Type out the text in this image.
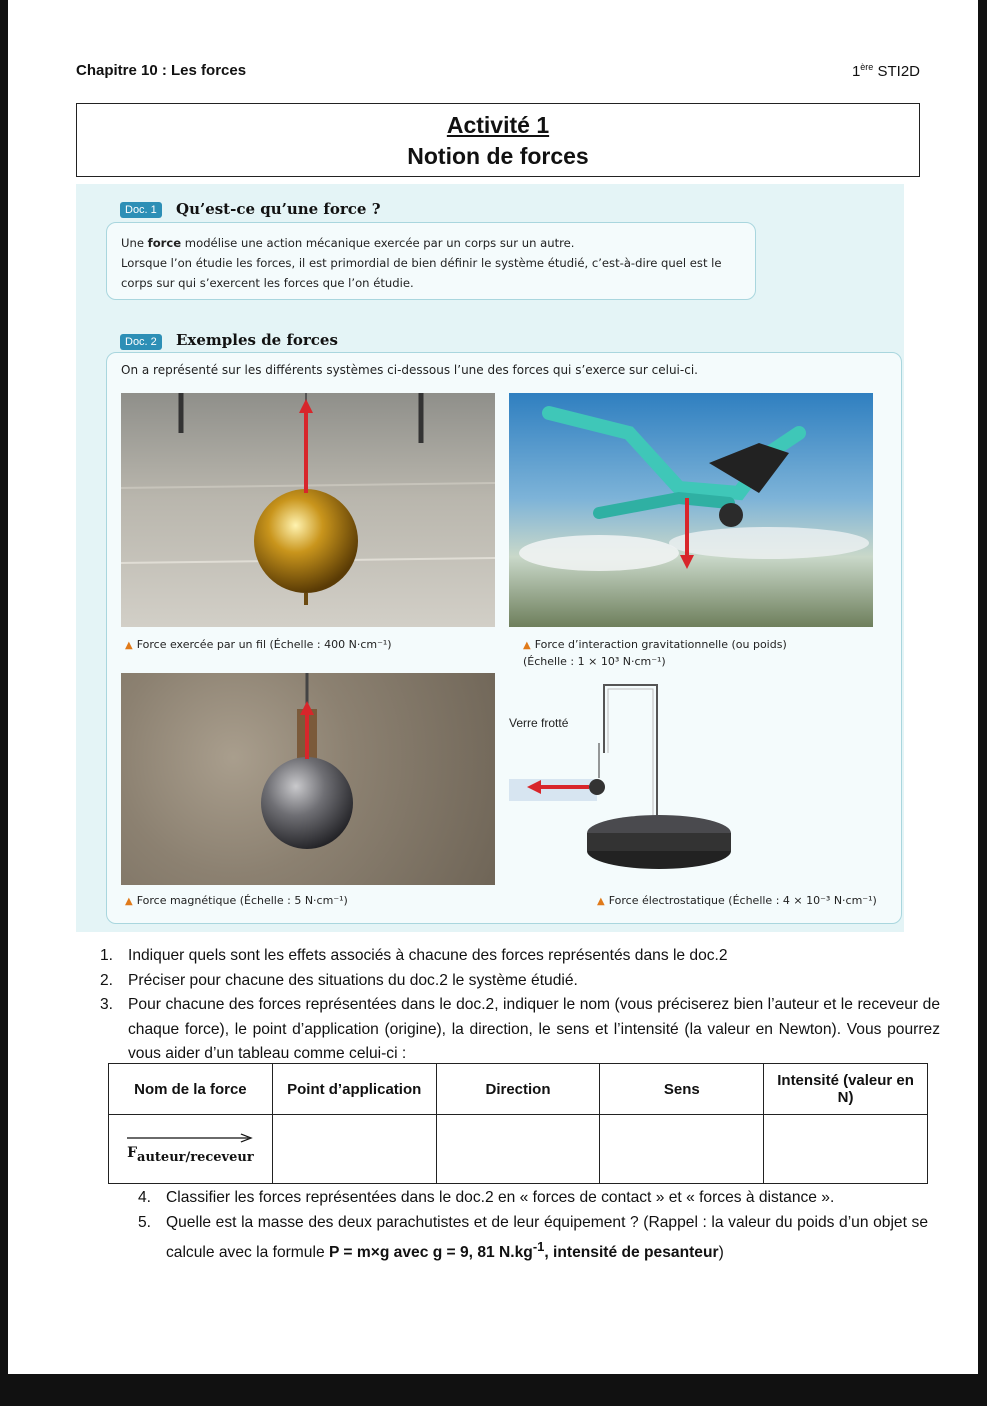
Chapitre 10 : Les forces	1ère STI2D
Activité 1
Notion de forces
Doc. 1	Qu’est-ce qu’une force ?
Une force modélise une action mécanique exercée par un corps sur un autre.
Lorsque l’on étudie les forces, il est primordial de bien définir le système étudié, c’est-à-dire quel est le corps sur qui s’exercent les forces que l’on étudie.
Doc. 2	Exemples de forces
On a représenté sur les différents systèmes ci-dessous l’une des forces qui s’exerce sur celui-ci.
▲ Force exercée par un fil (Échelle : 400 N·cm⁻¹)	▲ Force d’interaction gravitationnelle (ou poids)
(Échelle : 1 × 10³ N·cm⁻¹)
Verre frotté
▲ Force magnétique (Échelle : 5 N·cm⁻¹)	▲ Force électrostatique (Échelle : 4 × 10⁻³ N·cm⁻¹)
1. Indiquer quels sont les effets associés à chacune des forces représentés dans le doc.2
2. Préciser pour chacune des situations du doc.2 le système étudié.
3. Pour chacune des forces représentées dans le doc.2, indiquer le nom (vous préciserez bien l’auteur et le receveur de chaque force), le point d’application (origine), la direction, le sens et l’intensité (la valeur en Newton). Vous pourrez vous aider d’un tableau comme celui-ci :
Nom de la force	Point d’application	Direction	Sens	Intensité (valeur en N)

$F_{auteur/receveur}$				
4. Classifier les forces représentées dans le doc.2 en « forces de contact » et « forces à distance ».
5. Quelle est la masse des deux parachutistes et de leur équipement ? (Rappel : la valeur du poids d’un objet se calcule avec la formule P = m×g avec g = 9, 81 $N.kg^{-1}$, intensité de pesanteur)
